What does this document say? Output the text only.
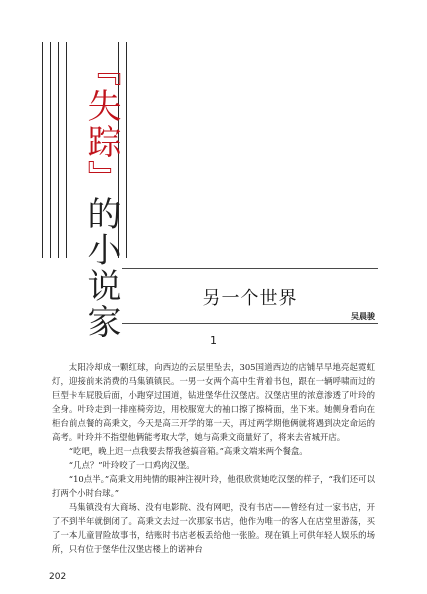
『失踪』的小说家	另一个世界
吴晨骏
1

太阳冷却成一颗红球，向西边的云层里坠去，305国道西边的店铺早早地亮起霓虹灯，迎接前来消费的马集镇镇民。一男一女两个高中生背着书包，跟在一辆呼啸而过的巨型卡车屁股后面，小跑穿过国道，钻进堡华仕汉堡店。汉堡店里的浓意渗透了叶玲的全身。叶玲走到一排座椅旁边，用校服宽大的袖口擦了擦椅面，坐下来。她侧身看向在柜台前点餐的高秉文，今天是高三开学的第一天，再过两学期他俩就将遇到决定命运的高考。叶玲并不指望他俩能考取大学，她与高秉文商量好了，将来去省城开店。

“吃吧，晚上迟一点我要去帮我爸搞音箱。”高秉文端来两个餐盒。

“几点？”叶玲咬了一口鸡肉汉堡。

“10点半。”高秉文用纯情的眼神注视叶玲，他很欣赏她吃汉堡的样子，“我们还可以打两个小时台球。”

马集镇没有大商场、没有电影院、没有网吧，没有书店——曾经有过一家书店，开了不到半年就倒闭了。高秉文去过一次那家书店，他作为唯一的客人在店堂里游荡，买了一本儿童冒险故事书，结账时书店老板丢给他一张脸。现在镇上可供年轻人娱乐的场所，只有位于堡华仕汉堡店楼上的诺神台

202
